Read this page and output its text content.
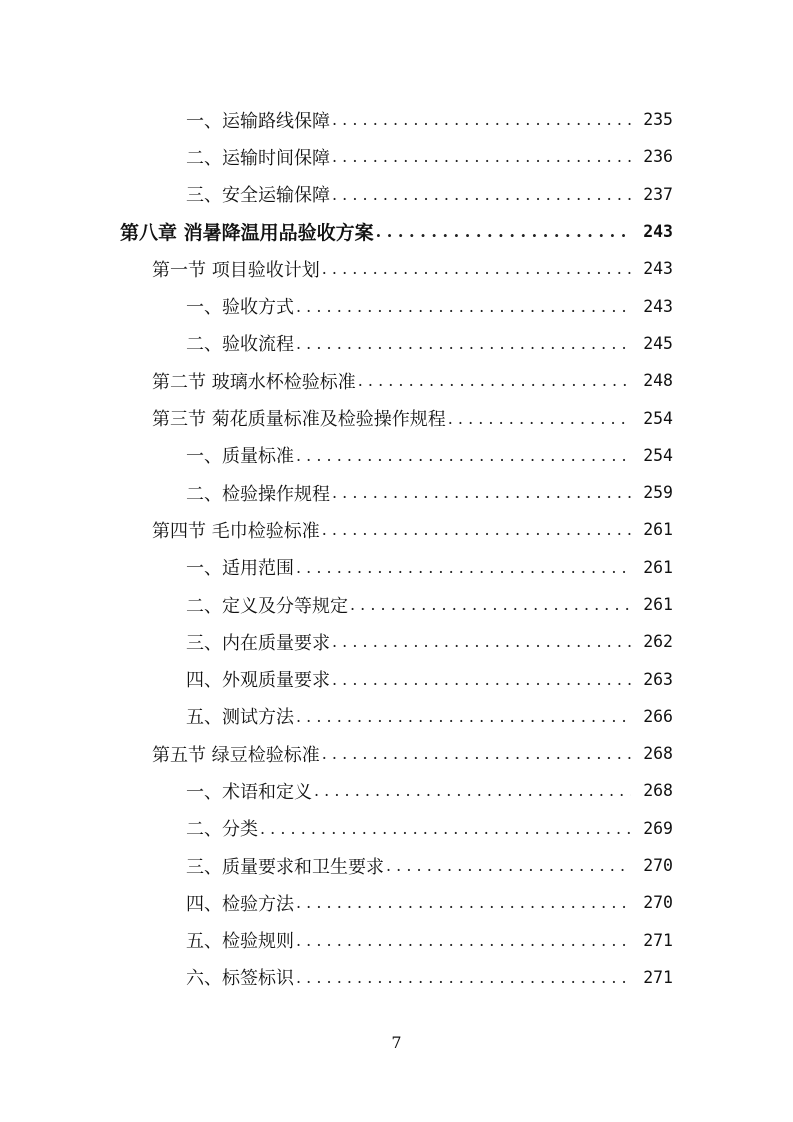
一、运输路线保障 . . .	235
二、运输时间保障 . . .	236
三、安全运输保障 . . .	237
第八章 消暑降温用品验收方案 . . .	243
第一节 项目验收计划 . . .	243
一、验收方式 . . .	243
二、验收流程 . . .	245
第二节 玻璃水杯检验标准 . . .	248
第三节 菊花质量标准及检验操作规程 . . .	254
一、质量标准 . . .	254
二、检验操作规程 . . .	259
第四节 毛巾检验标准 . . .	261
一、适用范围 . . .	261
二、定义及分等规定 . . .	261
三、内在质量要求 . . .	262
四、外观质量要求 . . .	263
五、测试方法 . . .	266
第五节 绿豆检验标准 . . .	268
一、术语和定义 . . .	268
二、分类 . . .	269
三、质量要求和卫生要求 . . .	270
四、检验方法 . . .	270
五、检验规则 . . .	271
六、标签标识 . . .	271
7
